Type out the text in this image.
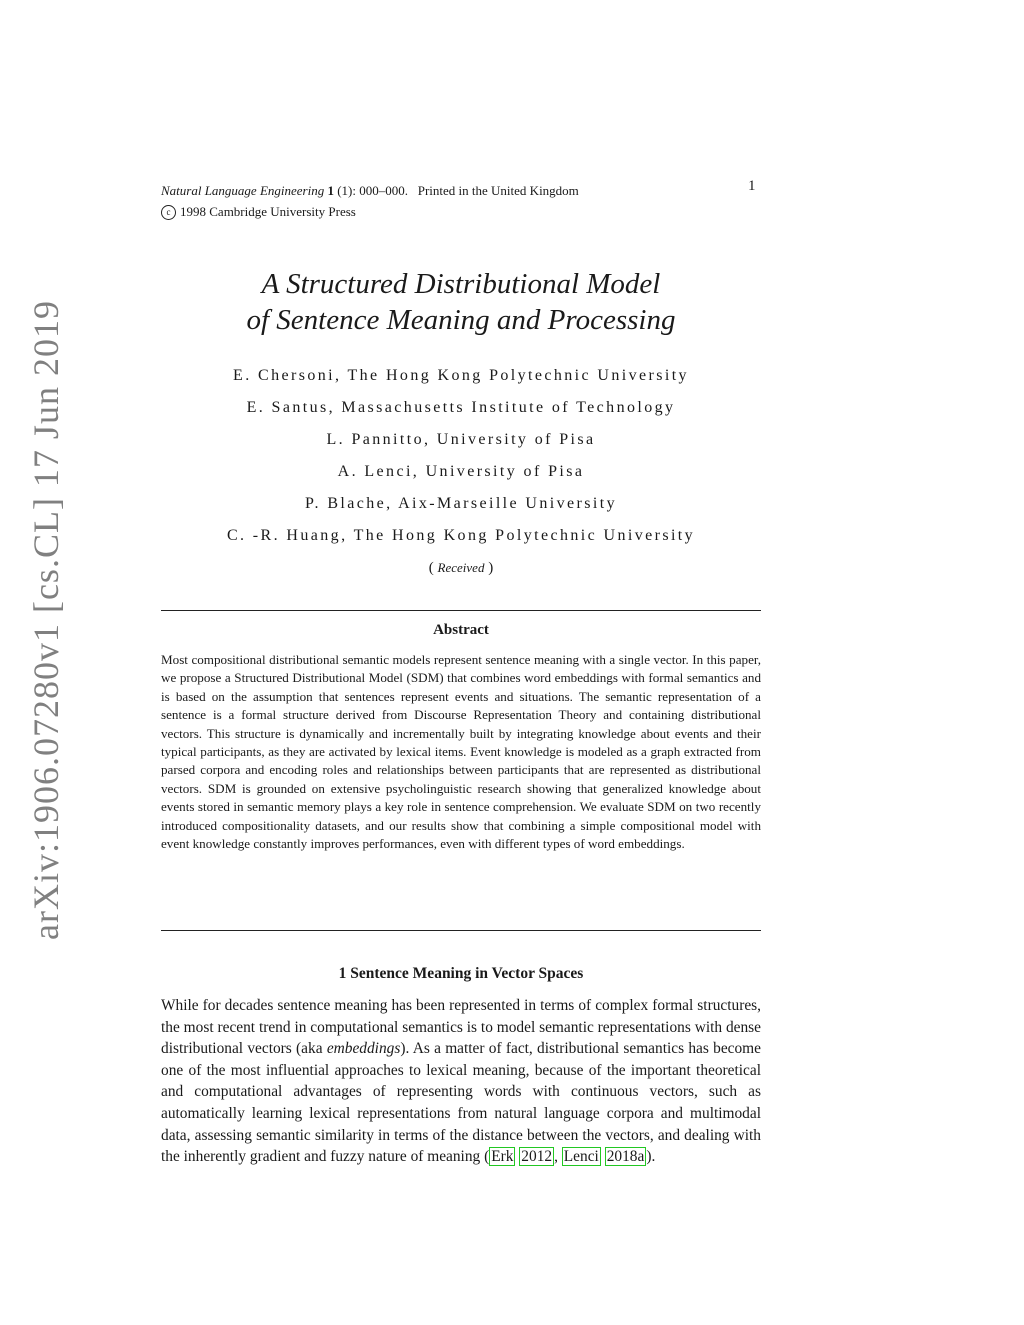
arXiv:1906.07280v1 [cs.CL] 17 Jun 2019
Natural Language Engineering 1 (1): 000–000. Printed in the United Kingdom
c 1998 Cambridge University Press
1
A Structured Distributional Model
of Sentence Meaning and Processing
E. Chersoni, The Hong Kong Polytechnic University
E. Santus, Massachusetts Institute of Technology
L. Pannitto, University of Pisa
A. Lenci, University of Pisa
P. Blache, Aix-Marseille University
C. -R. Huang, The Hong Kong Polytechnic University
( Received )
Abstract
Most compositional distributional semantic models represent sentence meaning with a single vector. In this paper, we propose a Structured Distributional Model (SDM) that combines word embeddings with formal semantics and is based on the assumption that sentences represent events and situations. The semantic representation of a sentence is a formal structure derived from Discourse Representation Theory and containing distributional vectors. This structure is dynamically and incrementally built by integrating knowledge about events and their typical participants, as they are activated by lexical items. Event knowledge is modeled as a graph extracted from parsed corpora and encoding roles and relationships between participants that are represented as distributional vectors. SDM is grounded on extensive psycholinguistic research showing that generalized knowledge about events stored in semantic memory plays a key role in sentence comprehension. We evaluate SDM on two recently introduced compositionality datasets, and our results show that combining a simple compositional model with event knowledge constantly improves performances, even with different types of word embeddings.
1 Sentence Meaning in Vector Spaces
While for decades sentence meaning has been represented in terms of complex formal structures, the most recent trend in computational semantics is to model semantic representations with dense distributional vectors (aka embeddings). As a matter of fact, distributional semantics has become one of the most influential approaches to lexical meaning, because of the important theoretical and computational advantages of representing words with continuous vectors, such as automatically learning lexical representations from natural language corpora and multimodal data, assessing semantic similarity in terms of the distance between the vectors, and dealing with the inherently gradient and fuzzy nature of meaning ( Erk 2012 , Lenci 2018a ).
